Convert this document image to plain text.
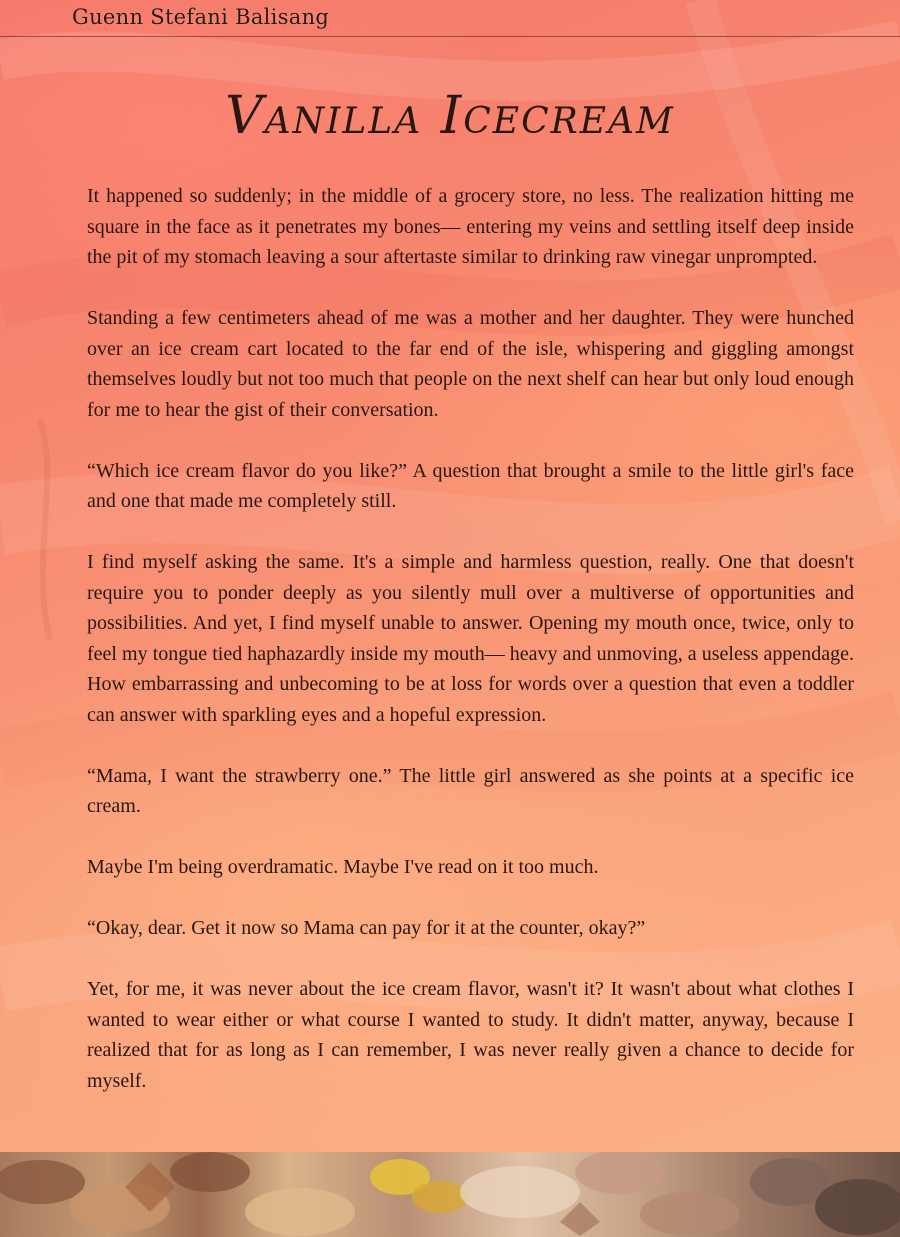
Guenn Stefani Balisang
Vanilla Icecream

It happened so suddenly; in the middle of a grocery store, no less. The realization hitting me square in the face as it penetrates my bones— entering my veins and settling itself deep inside the pit of my stomach leaving a sour aftertaste similar to drinking raw vinegar unprompted.

Standing a few centimeters ahead of me was a mother and her daughter. They were hunched over an ice cream cart located to the far end of the isle, whispering and giggling amongst themselves loudly but not too much that people on the next shelf can hear but only loud enough for me to hear the gist of their conversation.

“Which ice cream flavor do you like?” A question that brought a smile to the little girl's face and one that made me completely still.

I find myself asking the same. It's a simple and harmless question, really. One that doesn't require you to ponder deeply as you silently mull over a multiverse of opportunities and possibilities. And yet, I find myself unable to answer. Opening my mouth once, twice, only to feel my tongue tied haphazardly inside my mouth— heavy and unmoving, a useless appendage. How embarrassing and unbecoming to be at loss for words over a question that even a toddler can answer with sparkling eyes and a hopeful expression.

“Mama, I want the strawberry one.” The little girl answered as she points at a specific ice cream.

Maybe I'm being overdramatic. Maybe I've read on it too much.

“Okay, dear. Get it now so Mama can pay for it at the counter, okay?”

Yet, for me, it was never about the ice cream flavor, wasn't it? It wasn't about what clothes I wanted to wear either or what course I wanted to study. It didn't matter, anyway, because I realized that for as long as I can remember, I was never really given a chance to decide for myself.
